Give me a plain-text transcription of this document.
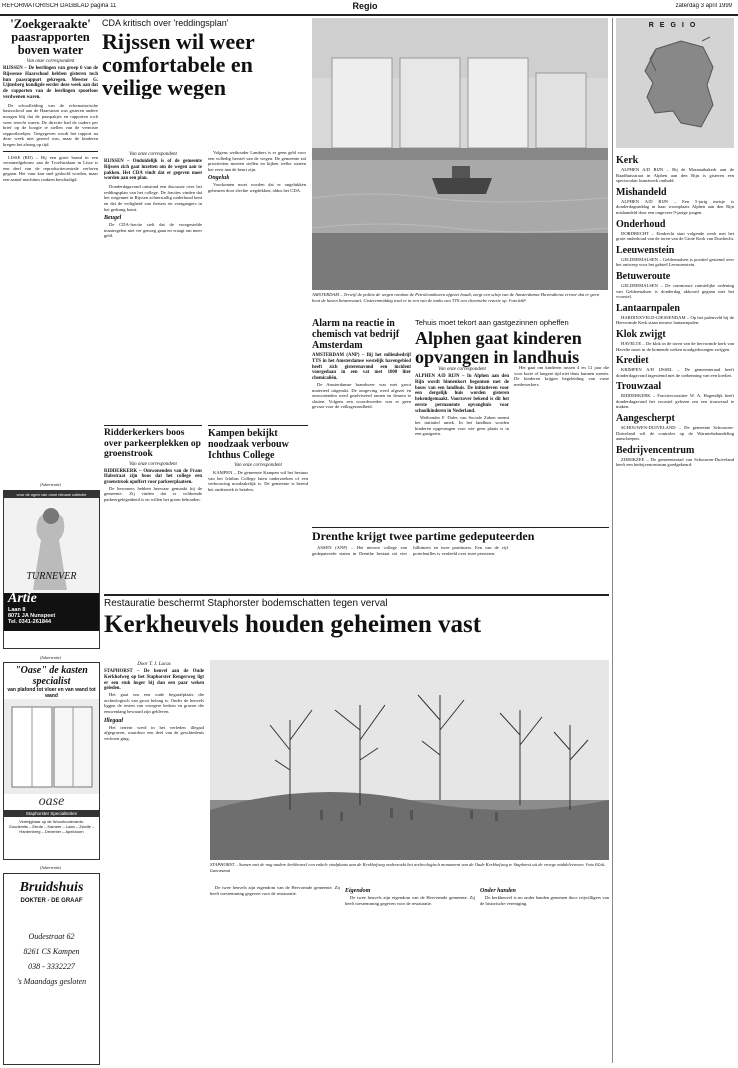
REFORMATORISCH DAGBLAD pagina 11	Regio	zaterdag 3 april 1999
'Zoekgeraakte' paasrapporten boven water
Van onze correspondent
RIJSSEN – De leerlingen van groep 6 van de Rijssense Haarschool hebben gisteren toch hun paasrapport gekregen. Meester G. Lijmsberg kondigde eerder deze week aan dat de rapporten van de leerlingen spoorloos verdwenen waren.

De schoolleiding van de reformatorische basisschool aan de Haarstraat was gisteren andere morgen blij dat de paaspakjes en rapporten toch weer terecht waren. De directie had de ouders per brief op de hoogte te stellen van de vermiste rapportboekjes. Toegegeven wordt het rapport na deze week niet gereed was, maar de kinderen kregen het alsnog op tijd.

LISSE (RD) – Bij een grote brand in een verzamelgebouw aan de Troelstralaan in Lisse is een deel van de reproductiecentrale verloren gegaan. Het vuur kon snel gedoofd worden, maar een aantal machines raakten beschadigd.

(Advertentie)
voor de ogen van onze nieuwe collectie
TURNEVER
Artie
Laan 8
8071 JA Nunspeet
Tel. 0341-261844
CDA kritisch over 'reddingsplan'
Rijssen wil weer comfortabele en veilige wegen
Van onze correspondent
RIJSSEN – Onduidelijk is of de gemeente Rijssen zich gaat inzetten om de wegen aan te pakken. Het CDA vindt dat er gegeven moet worden aan een plan.

Donderdagavond ontstond een discussie over het reddingsplan van het college. De fracties vinden dat het wegennet in Rijssen achterstallig onderhoud kent en dat de veiligheid van fietsers en voetgangers in het gedrang komt.

Beugel

De CDA-fractie stelt dat de voorgestelde maatregelen niet ver genoeg gaan en vraagt om meer geld.

Volgens wethouder Lambers is er geen geld voor een volledig herstel van de wegen. De gemeente zal prioriteiten moeten stellen en kijken welke straten het eerst aan de beurt zijn.

Ongeluk

Voorkomen moet worden dat er ongelukken gebeuren door slechte wegdekken, aldus het CDA.

Ridderkerkers boos over parkeerplekken op groenstrook
Van onze correspondent
RIDDERKERK – Omwonenden van de Frans Halsstraat zijn boos dat het college een groenstrook opoffert voor parkeerplaatsen.

De bewoners hebben bezwaar gemaakt bij de gemeente. Zij vinden dat er voldoende parkeergelegenheid is en willen het groen behouden.

Kampen bekijkt noodzaak verbouw Ichthus College
Van onze correspondent

KAMPEN – De gemeente Kampen wil het bestuur van het Ichthus College laten onderzoeken of een verbouwing noodzakelijk is. De gemeente is bereid het onderzoek te betalen.

AMSTERDAM – Terwijl de politie de wegen rondom de Petroleumhaven afgezet houdt, zorgt een schip van de Amsterdamse Havendienst ervoor dat er geen boot de haven binnenvaart. Gisterenmiddag trad er in een van de tanks van TTS een chemische reactie op. Foto ANP
Alarm na reactie in chemisch vat bedrijf Amsterdam
AMSTERDAM (ANP) – Bij het milieubedrijf TTS in het Amsterdamse westelijk havengebied heeft zich gisterenavond een incident voorgedaan in een vat met 1000 liter chemicaliën.

De Amsterdamse brandweer was met groot materieel uitgerukt. De omgeving werd afgezet en omwonenden werd geadviseerd ramen en deuren te sluiten. Volgens een woordvoerder was er geen gevaar voor de volksgezondheid.

Tehuis moet tekort aan gastgezinnen opheffen
Alphen gaat kinderen opvangen in landhuis
Van onze correspondent
ALPHEN A/D RIJN – In Alphen aan den Rijn wordt binnenkort begonnen met de bouw van een landhuis. De initiatieven voor een dergelijk huis worden gisteren bekendgemaakt. Voorzover bekend is dit het eerste permanente opvanghuis voor schoolkinderen in Nederland.

Wethouder F. Dales van Sociale Zaken noemt het initiatief uniek. In het landhuis worden kinderen opgevangen voor wie geen plaats is in een gastgezin.

Het gaat om kinderen tussen 4 en 12 jaar die voor korte of langere tijd niet thuis kunnen wonen. De kinderen krijgen begeleiding van vaste medewerkers.

Drenthe krijgt twee partime gedeputeerden

ASSEN (ANP) – Het nieuwe college van gedeputeerde staten in Drenthe bestaat uit vier fulltimers en twee parttimers. Een van de vijf portefeuilles is verdeeld over twee personen.

Restauratie beschermt Staphorster bodemschatten tegen verval
Kerkheuvels houden geheimen vast
Door T. J. Lucas
STAPHORST – De heuvel aan de Oude Kerkhofweg op het Staphorster Rengerweg ligt er een stuk hoger bij dan een paar weken geleden.

Het gaat om een oude begraafplaats die archeologisch van groot belang is. Onder de heuvels liggen de resten van vroegere kerken en graven die eeuwenlang bewaard zijn gebleven.

Illegaal

Het terrein werd in het verleden illegaal afgegraven, waardoor een deel van de geschiedenis verloren ging.

STAPHORST – Samen met de nog andere kerkheuvel een enkele vindplaats aan de Kerkhofweg onderzoekt het archeologisch monument van de Oude Kerkhofweg te Staphorst uit de vroege middeleeuwen. Foto RD/A. Dunnewind

De twee heuvels zijn eigendom van de Hervormde gemeente. Zij heeft toestemming gegeven voor de restauratie.	Eigendom

De twee heuvels zijn eigendom van de Hervormde gemeente. Zij heeft toestemming gegeven voor de restauratie.

Onder handen

De kerkheuvel is nu onder handen genomen door vrijwilligers van de historische vereniging.

(Advertentie)
"Oase" de kasten specialist
van plafond tot vloer en van wand tot wand
oase
Staphorster Specialiteiten
Verkrijgbaar op de Woonboulevards:
Goudsmits – Eerde – Kameer – Laan – Zwolle – Hardenberg – Deventer – Apeldoorn
(Advertentie)
Bruidshuis
DOKTER - DE GRAAF
Oudestraat 62
8261 CS Kampen
038 - 3332227
's Maandags gesloten
REGIO
Kerk

ALPHEN A/D RIJN – Bij de Maranathakerk aan de Raadhuisstraat in Alphen aan den Rijn is gisteren een spectaculair kunstwerk onthuld.

Mishandeld

ALPHEN A/D RIJN – Een 5-jarig meisje is donderdagmiddag in haar woonplaats Alphen aan den Rijn mishandeld door een ongeveer 9-jarige jongen.

Onderhoud

DORDRECHT – Eindrecht start volgende week met het grote onderhoud van de toren van de Grote Kerk van Dordrecht.

Leeuwenstein

GELDERMALSEN – Geldermalsen is positief gestemd over het ontwerp voor het gebied Leeuwenstein.

Betuweroute

GELDERMALSEN – De commissie ruimtelijke ordening van Geldermalsen is donderdag akkoord gegaan met het voorstel.

Lantaarnpalen

HARDINXVELD-GIESSENDAM – Op het palenveld bij de Hervormde Kerk staan nieuwe lantaarnpalen.

Klok zwijgt

HAVELTE – De klok in de toren van de hervormde kerk van Havelte moet in de komende weken noodgedwongen zwijgen.

Krediet

KRIMPEN A/D IJSSEL – De gemeenteraad heeft donderdagavond ingestemd met de toekenning van een krediet.

Trouwzaal

RIDDERKERK – Fractievoorzitter W. A. Hagendijk heeft donderdagavond het voorstel gelezen om een trouwzaal te maken.

Aangescherpt

SCHOUWEN-DUIVELAND – De gemeente Schouwen-Duiveland wil de controles op de Warmtebehandeling aanscherpen.

Bedrijvencentrum

ZIERIKZEE – De gemeenteraad van Schouwen-Duiveland heeft een bedrijvencentrum goedgekeurd.
